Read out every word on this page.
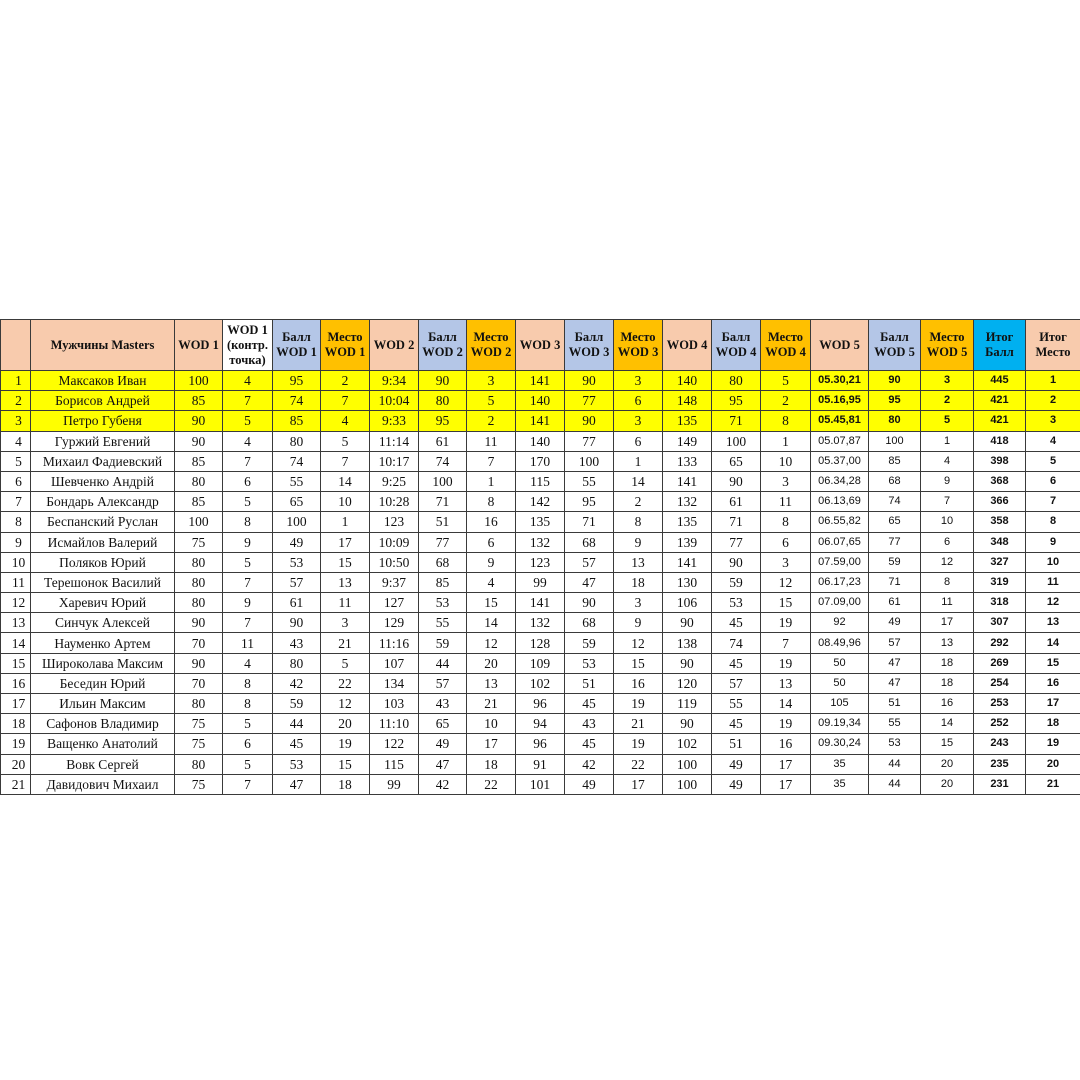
	Мужчины Masters	WOD 1	WOD 1 (контр. точка)	Балл WOD 1	Место WOD 1	WOD 2	Балл WOD 2	Место WOD 2	WOD 3	Балл WOD 3	Место WOD 3	WOD 4	Балл WOD 4	Место WOD 4	WOD 5	Балл WOD 5	Место WOD 5	Итог Балл	Итог Место
1	Максаков Иван	100	4	95	2	9:34	90	3	141	90	3	140	80	5	05.30,21	90	3	445	1
2	Борисов Андрей	85	7	74	7	10:04	80	5	140	77	6	148	95	2	05.16,95	95	2	421	2
3	Петро Губеня	90	5	85	4	9:33	95	2	141	90	3	135	71	8	05.45,81	80	5	421	3
4	Гуржий Евгений	90	4	80	5	11:14	61	11	140	77	6	149	100	1	05.07,87	100	1	418	4
5	Михаил Фадиевский	85	7	74	7	10:17	74	7	170	100	1	133	65	10	05.37,00	85	4	398	5
6	Шевченко Андрій	80	6	55	14	9:25	100	1	115	55	14	141	90	3	06.34,28	68	9	368	6
7	Бондарь Александр	85	5	65	10	10:28	71	8	142	95	2	132	61	11	06.13,69	74	7	366	7
8	Беспанский Руслан	100	8	100	1	123	51	16	135	71	8	135	71	8	06.55,82	65	10	358	8
9	Исмайлов Валерий	75	9	49	17	10:09	77	6	132	68	9	139	77	6	06.07,65	77	6	348	9
10	Поляков Юрий	80	5	53	15	10:50	68	9	123	57	13	141	90	3	07.59,00	59	12	327	10
11	Терешонок Василий	80	7	57	13	9:37	85	4	99	47	18	130	59	12	06.17,23	71	8	319	11
12	Харевич Юрий	80	9	61	11	127	53	15	141	90	3	106	53	15	07.09,00	61	11	318	12
13	Синчук Алексей	90	7	90	3	129	55	14	132	68	9	90	45	19	92	49	17	307	13
14	Науменко Артем	70	11	43	21	11:16	59	12	128	59	12	138	74	7	08.49,96	57	13	292	14
15	Широколава Максим	90	4	80	5	107	44	20	109	53	15	90	45	19	50	47	18	269	15
16	Беседин Юрий	70	8	42	22	134	57	13	102	51	16	120	57	13	50	47	18	254	16
17	Ильин Максим	80	8	59	12	103	43	21	96	45	19	119	55	14	105	51	16	253	17
18	Сафонов Владимир	75	5	44	20	11:10	65	10	94	43	21	90	45	19	09.19,34	55	14	252	18
19	Ващенко Анатолий	75	6	45	19	122	49	17	96	45	19	102	51	16	09.30,24	53	15	243	19
20	Вовк Сергей	80	5	53	15	115	47	18	91	42	22	100	49	17	35	44	20	235	20
21	Давидович Михаил	75	7	47	18	99	42	22	101	49	17	100	49	17	35	44	20	231	21
